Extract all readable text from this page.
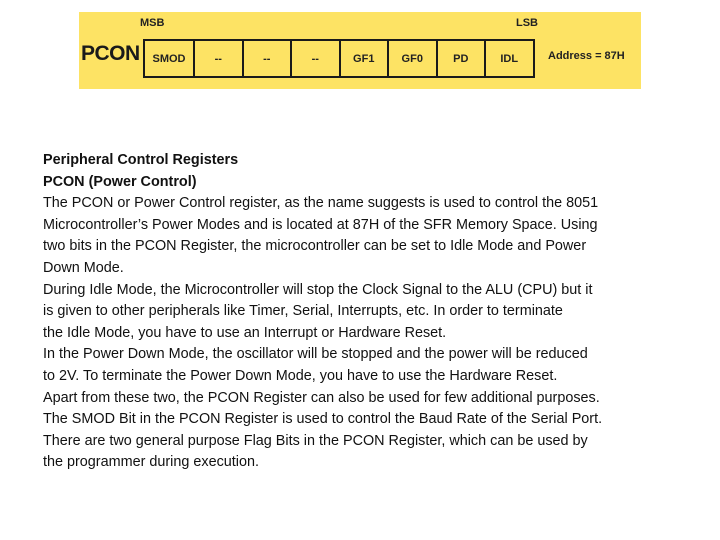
MSB	LSB
PCON	SMOD	--	--	--	GF1	GF0	PD	IDL	Address = 87H

Peripheral Control Registers

PCON (Power Control)

The PCON or Power Control register, as the name suggests is used to control the 8051

Microcontroller’s Power Modes and is located at 87H of the SFR Memory Space. Using

two bits in the PCON Register, the microcontroller can be set to Idle Mode and Power

Down Mode.

During Idle Mode, the Microcontroller will stop the Clock Signal to the ALU (CPU) but it

is given to other peripherals like Timer, Serial, Interrupts, etc. In order to terminate

the Idle Mode, you have to use an Interrupt or Hardware Reset.

In the Power Down Mode, the oscillator will be stopped and the power will be reduced

to 2V. To terminate the Power Down Mode, you have to use the Hardware Reset.

Apart from these two, the PCON Register can also be used for few additional purposes.

The SMOD Bit in the PCON Register is used to control the Baud Rate of the Serial Port.

There are two general purpose Flag Bits in the PCON Register, which can be used by

the programmer during execution.
